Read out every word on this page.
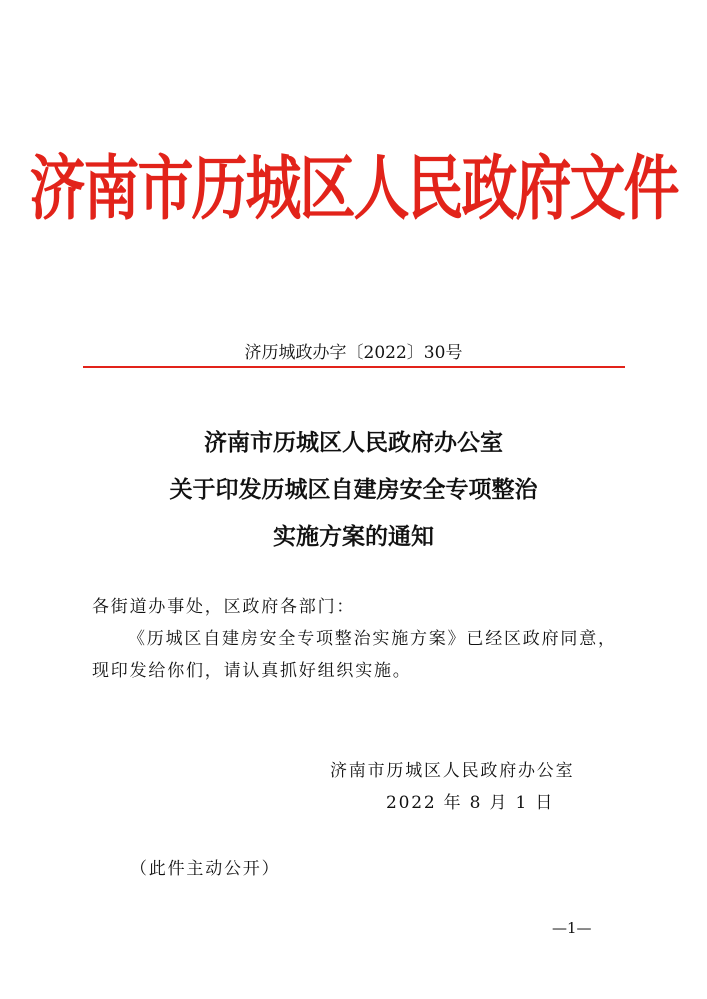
济南市历城区人民政府文件
济历城政办字〔2022〕30号
济南市历城区人民政府办公室
关于印发历城区自建房安全专项整治
实施方案的通知
各街道办事处，区政府各部门：
《历城区自建房安全专项整治实施方案》已经区政府同意，
现印发给你们，请认真抓好组织实施。
济南市历城区人民政府办公室
2022 年 8 月 1 日
（此件主动公开）
—1—
